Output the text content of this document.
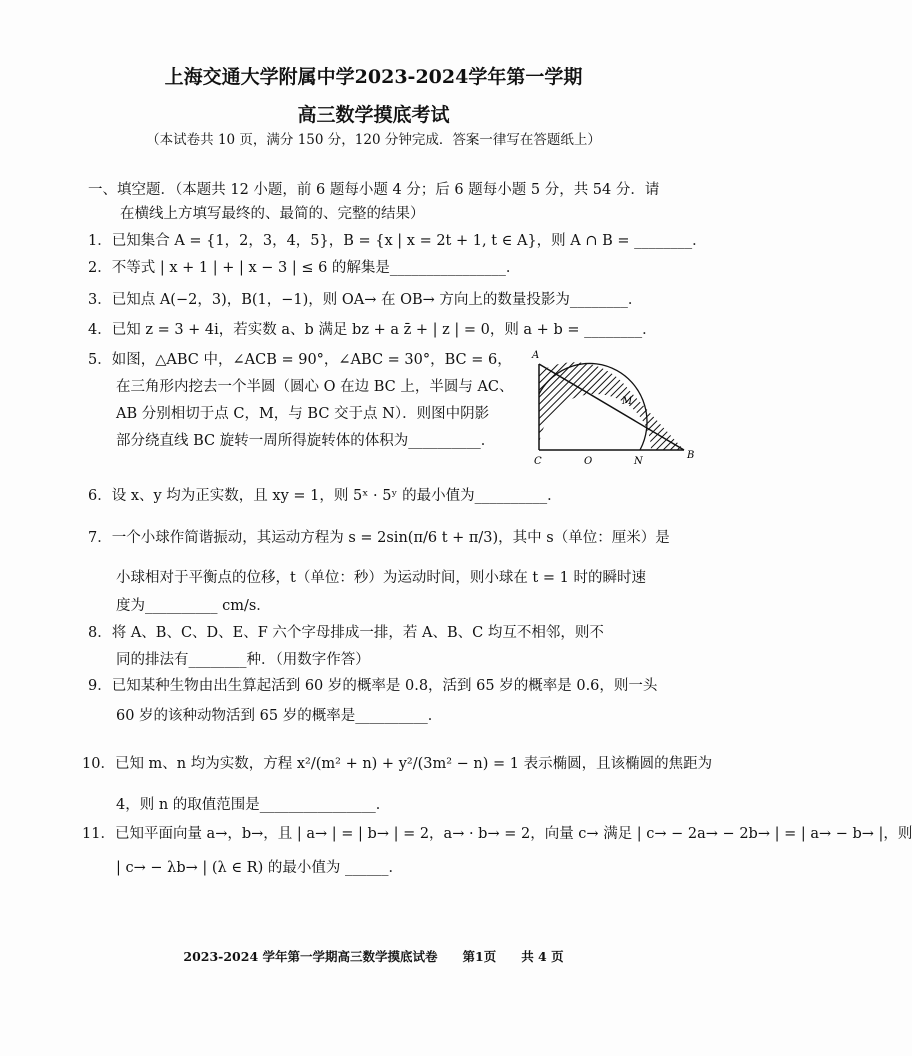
上海交通大学附属中学2023-2024学年第一学期
高三数学摸底考试
（本试卷共 10 页，满分 150 分，120 分钟完成．答案一律写在答题纸上）
一、填空题．（本题共 12 小题，前 6 题每小题 4 分；后 6 题每小题 5 分，共 54 分．请
在横线上方填写最终的、最简的、完整的结果）
1．已知集合 A = {1，2，3，4，5}，B = {x | x = 2t + 1, t ∈ A}，则 A ∩ B = ________．
2．不等式 | x + 1 | + | x − 3 | ≤ 6 的解集是________________．
3．已知点 A(−2，3)，B(1，−1)，则 OA→ 在 OB→ 方向上的数量投影为________．
4．已知 z = 3 + 4i，若实数 a、b 满足 bz + a z̄ + | z | = 0，则 a + b = ________．
5．如图，△ABC 中，∠ACB = 90°，∠ABC = 30°，BC = 6，
在三角形内挖去一个半圆（圆心 O 在边 BC 上，半圆与 AC、
AB 分别相切于点 C，M，与 BC 交于点 N）．则图中阴影
部分绕直线 BC 旋转一周所得旋转体的体积为__________．
A
M
C	O	N
B
6．设 x、y 均为正实数，且 xy = 1，则 5ˣ · 5ʸ 的最小值为__________．
7．一个小球作简谐振动，其运动方程为 s = 2sin(π/6 t + π/3)，其中 s（单位：厘米）是
小球相对于平衡点的位移，t（单位：秒）为运动时间，则小球在 t = 1 时的瞬时速
度为__________ cm/s．
8．将 A、B、C、D、E、F 六个字母排成一排，若 A、B、C 均互不相邻，则不
同的排法有________种．（用数字作答）
9．已知某种生物由出生算起活到 60 岁的概率是 0.8，活到 65 岁的概率是 0.6，则一头
60 岁的该种动物活到 65 岁的概率是__________．
10．已知 m、n 均为实数，方程 x²/(m² + n) + y²/(3m² − n) = 1 表示椭圆，且该椭圆的焦距为
4，则 n 的取值范围是________________．
11．已知平面向量 a→，b→，且 | a→ | = | b→ | = 2，a→ · b→ = 2，向量 c→ 满足 | c→ − 2a→ − 2b→ | = | a→ − b→ |，则
| c→ − λb→ | (λ ∈ R) 的最小值为 ______．
2023-2024 学年第一学期高三数学摸底试卷　　第1页　　共 4 页
